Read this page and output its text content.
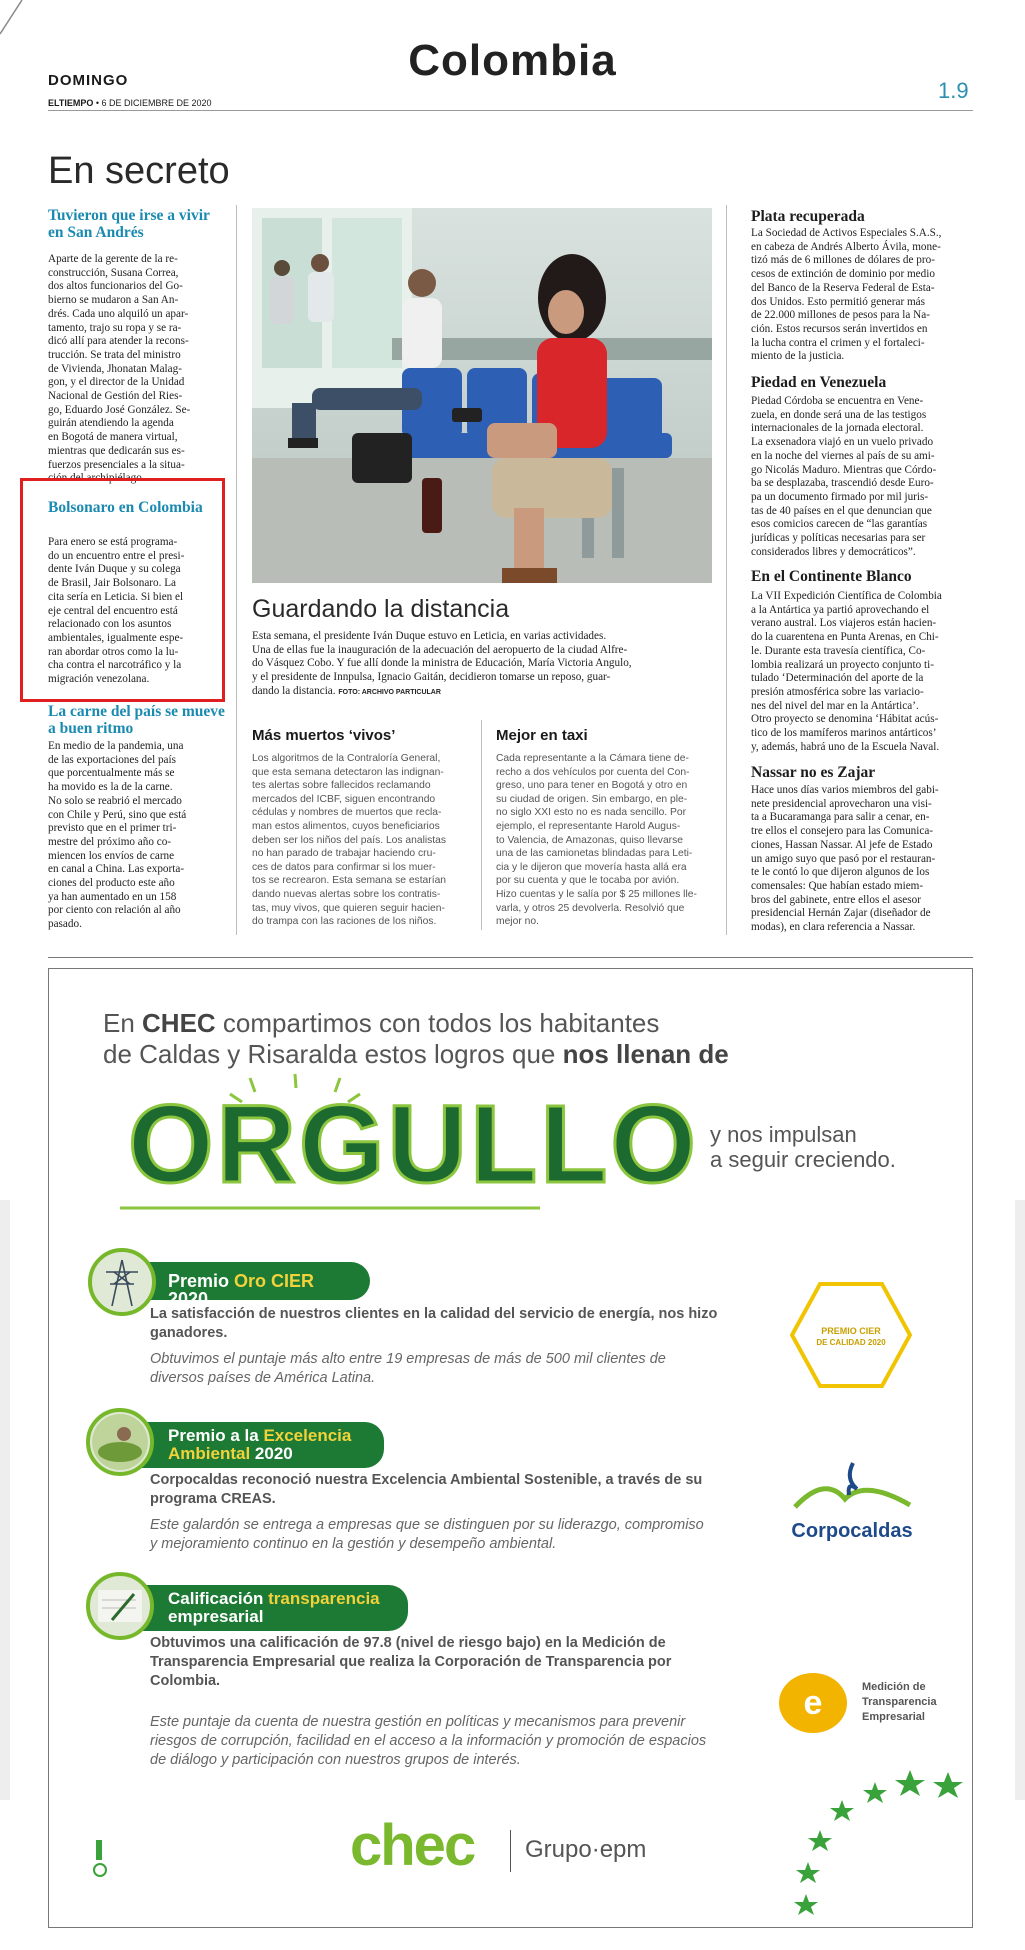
DOMINGO
ELTIEMPO • 6 DE DICIEMBRE DE 2020
Colombia
1.9
En secreto
Tuvieron que irse a vivir en San Andrés
Aparte de la gerente de la re-
construcción, Susana Correa,
dos altos funcionarios del Go-
bierno se mudaron a San An-
drés. Cada uno alquiló un apar-
tamento, trajo su ropa y se ra-
dicó allí para atender la recons-
trucción. Se trata del ministro
de Vivienda, Jhonatan Malag-
gon, y el director de la Unidad
Nacional de Gestión del Ries-
go, Eduardo José González. Se-
guirán atendiendo la agenda
en Bogotá de manera virtual,
mientras que dedicarán sus es-
fuerzos presenciales a la situa-
ción del archipiélago.
Bolsonaro en Colombia
Para enero se está programa-
do un encuentro entre el presi-
dente Iván Duque y su colega
de Brasil, Jair Bolsonaro. La
cita sería en Leticia. Si bien el
eje central del encuentro está
relacionado con los asuntos
ambientales, igualmente espe-
ran abordar otros como la lu-
cha contra el narcotráfico y la
migración venezolana.
La carne del país se mueve a buen ritmo
En medio de la pandemia, una
de las exportaciones del país
que porcentualmente más se
ha movido es la de la carne.
No solo se reabrió el mercado
con Chile y Perú, sino que está
previsto que en el primer tri-
mestre del próximo año co-
miencen los envíos de carne
en canal a China. Las exporta-
ciones del producto este año
ya han aumentado en un 158
por ciento con relación al año
pasado.
Guardando la distancia
Esta semana, el presidente Iván Duque estuvo en Leticia, en varias actividades.
Una de ellas fue la inauguración de la adecuación del aeropuerto de la ciudad Alfre-
do Vásquez Cobo. Y fue allí donde la ministra de Educación, María Victoria Angulo,
y el presidente de Innpulsa, Ignacio Gaitán, decidieron tomarse un reposo, guar-
dando la distancia. FOTO: ARCHIVO PARTICULAR
Más muertos ‘vivos’
Los algoritmos de la Contraloría General,
que esta semana detectaron las indignan-
tes alertas sobre fallecidos reclamando
mercados del ICBF, siguen encontrando
cédulas y nombres de muertos que recla-
man estos alimentos, cuyos beneficiarios
deben ser los niños del país. Los analistas
no han parado de trabajar haciendo cru-
ces de datos para confirmar si los muer-
tos se recrearon. Esta semana se estarían
dando nuevas alertas sobre los contratis-
tas, muy vivos, que quieren seguir hacien-
do trampa con las raciones de los niños.
Mejor en taxi
Cada representante a la Cámara tiene de-
recho a dos vehículos por cuenta del Con-
greso, uno para tener en Bogotá y otro en
su ciudad de origen. Sin embargo, en ple-
no siglo XXI esto no es nada sencillo. Por
ejemplo, el representante Harold Augus-
to Valencia, de Amazonas, quiso llevarse
una de las camionetas blindadas para Leti-
cia y le dijeron que movería hasta allá era
por su cuenta y que le tocaba por avión.
Hizo cuentas y le salía por $ 25 millones lle-
varla, y otros 25 devolverla. Resolvió que
mejor no.
Plata recuperada
La Sociedad de Activos Especiales S.A.S.,
en cabeza de Andrés Alberto Ávila, mone-
tizó más de 6 millones de dólares de pro-
cesos de extinción de dominio por medio
del Banco de la Reserva Federal de Esta-
dos Unidos. Esto permitió generar más
de 22.000 millones de pesos para la Na-
ción. Estos recursos serán invertidos en
la lucha contra el crimen y el fortaleci-
miento de la justicia.
Piedad en Venezuela
Piedad Córdoba se encuentra en Vene-
zuela, en donde será una de las testigos
internacionales de la jornada electoral.
La exsenadora viajó en un vuelo privado
en la noche del viernes al país de su ami-
go Nicolás Maduro. Mientras que Córdo-
ba se desplazaba, trascendió desde Euro-
pa un documento firmado por mil juris-
tas de 40 países en el que denuncian que
esos comicios carecen de “las garantías
jurídicas y políticas necesarias para ser
considerados libres y democráticos”.
En el Continente Blanco
La VII Expedición Científica de Colombia
a la Antártica ya partió aprovechando el
verano austral. Los viajeros están hacien-
do la cuarentena en Punta Arenas, en Chi-
le. Durante esta travesía científica, Co-
lombia realizará un proyecto conjunto ti-
tulado ‘Determinación del aporte de la
presión atmosférica sobre las variacio-
nes del nivel del mar en la Antártica’.
Otro proyecto se denomina ‘Hábitat acús-
tico de los mamíferos marinos antárticos’
y, además, habrá uno de la Escuela Naval.
Nassar no es Zajar
Hace unos días varios miembros del gabi-
nete presidencial aprovecharon una visi-
ta a Bucaramanga para salir a cenar, en-
tre ellos el consejero para las Comunica-
ciones, Hassan Nassar. Al jefe de Estado
un amigo suyo que pasó por el restauran-
te le contó lo que dijeron algunos de los
comensales: Que habían estado miem-
bros del gabinete, entre ellos el asesor
presidencial Hernán Zajar (diseñador de
modas), en clara referencia a Nassar.
En CHEC compartimos con todos los habitantes
de Caldas y Risaralda estos logros que nos llenan de
ORGULLO y nos impulsan
a seguir creciendo.
Premio Oro CIER 2020
La satisfacción de nuestros clientes en la calidad del servicio de energía, nos hizo
ganadores.
Obtuvimos el puntaje más alto entre 19 empresas de más de 500 mil clientes de
diversos países de América Latina.
Premio a la Excelencia
Ambiental 2020
Corpocaldas reconoció nuestra Excelencia Ambiental Sostenible, a través de su
programa CREAS.
Este galardón se entrega a empresas que se distinguen por su liderazgo, compromiso
y mejoramiento continuo en la gestión y desempeño ambiental.
Calificación transparencia
empresarial
Obtuvimos una calificación de 97.8 (nivel de riesgo bajo) en la Medición de
Transparencia Empresarial que realiza la Corporación de Transparencia por
Colombia.
Este puntaje da cuenta de nuestra gestión en políticas y mecanismos para prevenir
riesgos de corrupción, facilidad en el acceso a la información y promoción de espacios
de diálogo y participación con nuestros grupos de interés.
PREMIO CIER
DE CALIDAD 2020
Corpocaldas
e	Medición de
Transparencia
Empresarial
chec Grupo·epm
